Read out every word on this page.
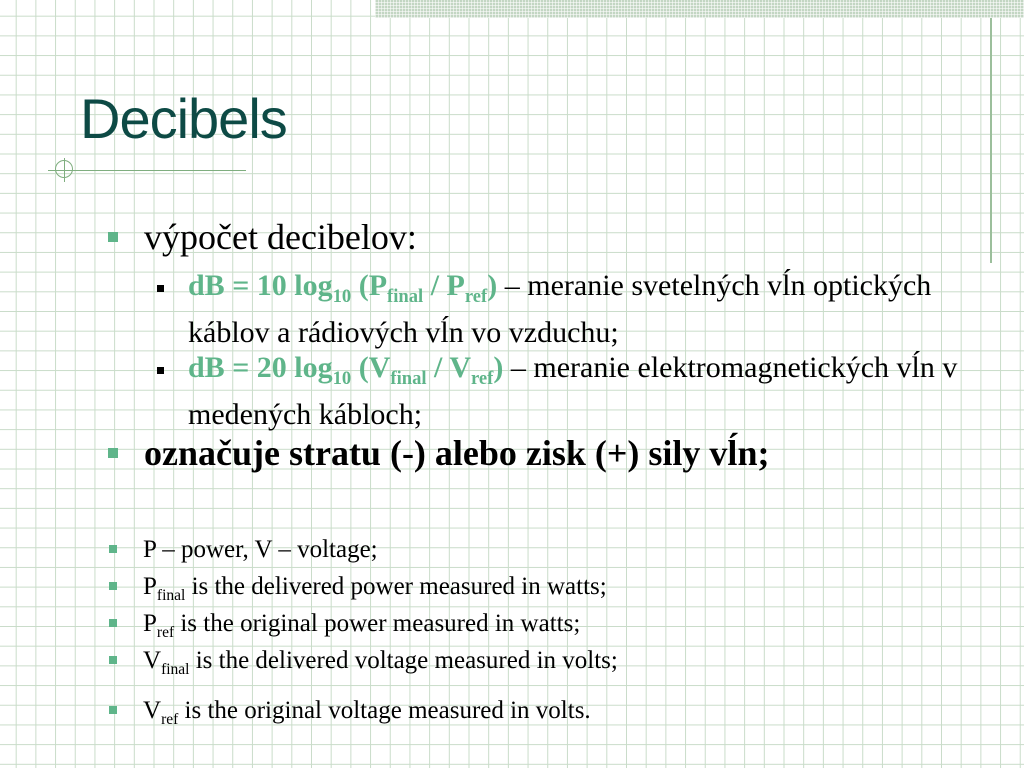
Decibels
výpočet decibelov:
dB = 10 $\log_{10} (P_{final} / P_{ref})$ – meranie svetelných vĺn optických káblov a rádiových vĺn vo vzduchu;
dB = 20 $\log_{10} (V_{final} / V_{ref})$ – meranie elektromagnetických vĺn v medených kábloch;
označuje stratu (-) alebo zisk (+) sily vĺn;
P – power, V – voltage;
$P_{final}$ is the delivered power measured in watts;
$P_{ref}$ is the original power measured in watts;
$V_{final}$ is the delivered voltage measured in volts;
$V_{ref}$ is the original voltage measured in volts.
